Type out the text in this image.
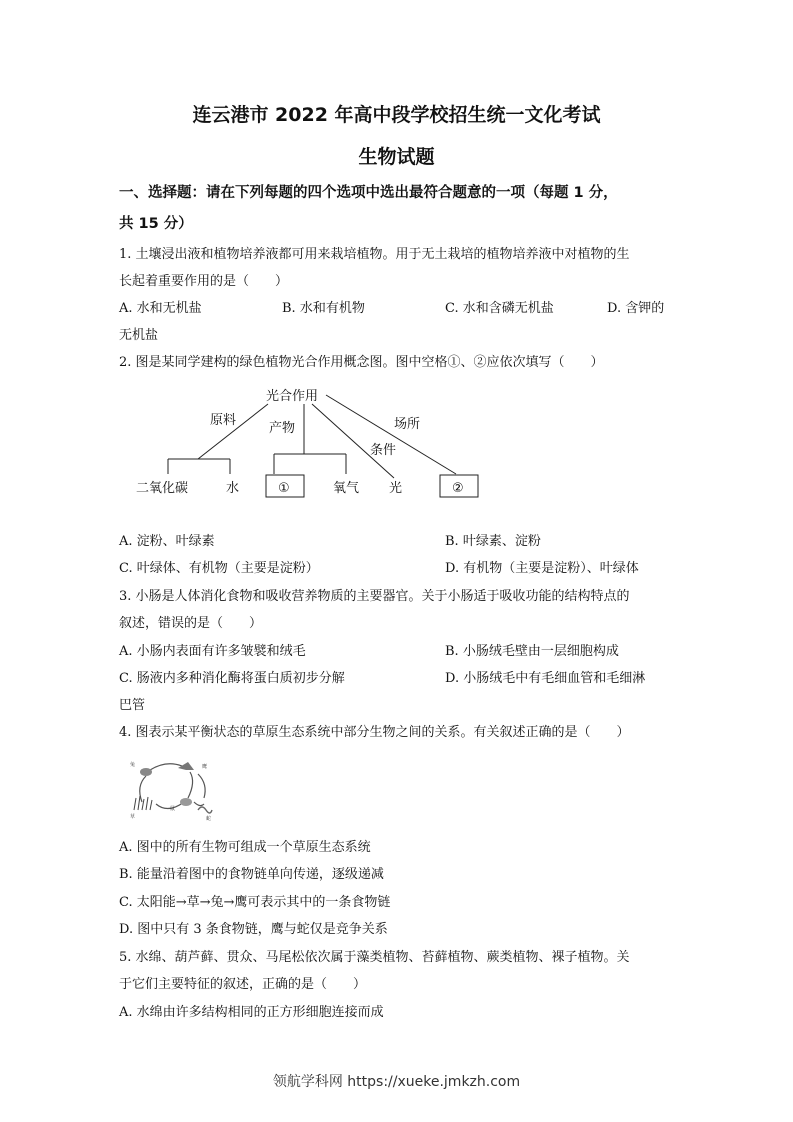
连云港市 2022 年高中段学校招生统一文化考试
生物试题
一、选择题：请在下列每题的四个选项中选出最符合题意的一项（每题 1 分，
共 15 分）
1. 土壤浸出液和植物培养液都可用来栽培植物。用于无土栽培的植物培养液中对植物的生
长起着重要作用的是（　　）
A. 水和无机盐	B. 水和有机物	C. 水和含磷无机盐	D. 含钾的
无机盐
2. 图是某同学建构的绿色植物光合作用概念图。图中空格①、②应依次填写（　　）
光合作用
原料
产物
条件
场所
二氧化碳	水	①	氧气 光	②
A. 淀粉、叶绿素	B. 叶绿素、淀粉
C. 叶绿体、有机物（主要是淀粉）	D. 有机物（主要是淀粉）、叶绿体
3. 小肠是人体消化食物和吸收营养物质的主要器官。关于小肠适于吸收功能的结构特点的
叙述，错误的是（　　）
A. 小肠内表面有许多皱襞和绒毛	B. 小肠绒毛壁由一层细胞构成
C. 肠液内多种消化酶将蛋白质初步分解	D. 小肠绒毛中有毛细血管和毛细淋
巴管
4. 图表示某平衡状态的草原生态系统中部分生物之间的关系。有关叙述正确的是（　　）
兔	鹰
草
鼠
蛇
A. 图中的所有生物可组成一个草原生态系统
B. 能量沿着图中的食物链单向传递，逐级递减
C. 太阳能→草→兔→鹰可表示其中的一条食物链
D. 图中只有 3 条食物链，鹰与蛇仅是竞争关系
5. 水绵、葫芦藓、贯众、马尾松依次属于藻类植物、苔藓植物、蕨类植物、裸子植物。关
于它们主要特征的叙述，正确的是（　　）
A. 水绵由许多结构相同的正方形细胞连接而成
领航学科网 https://xueke.jmkzh.com
